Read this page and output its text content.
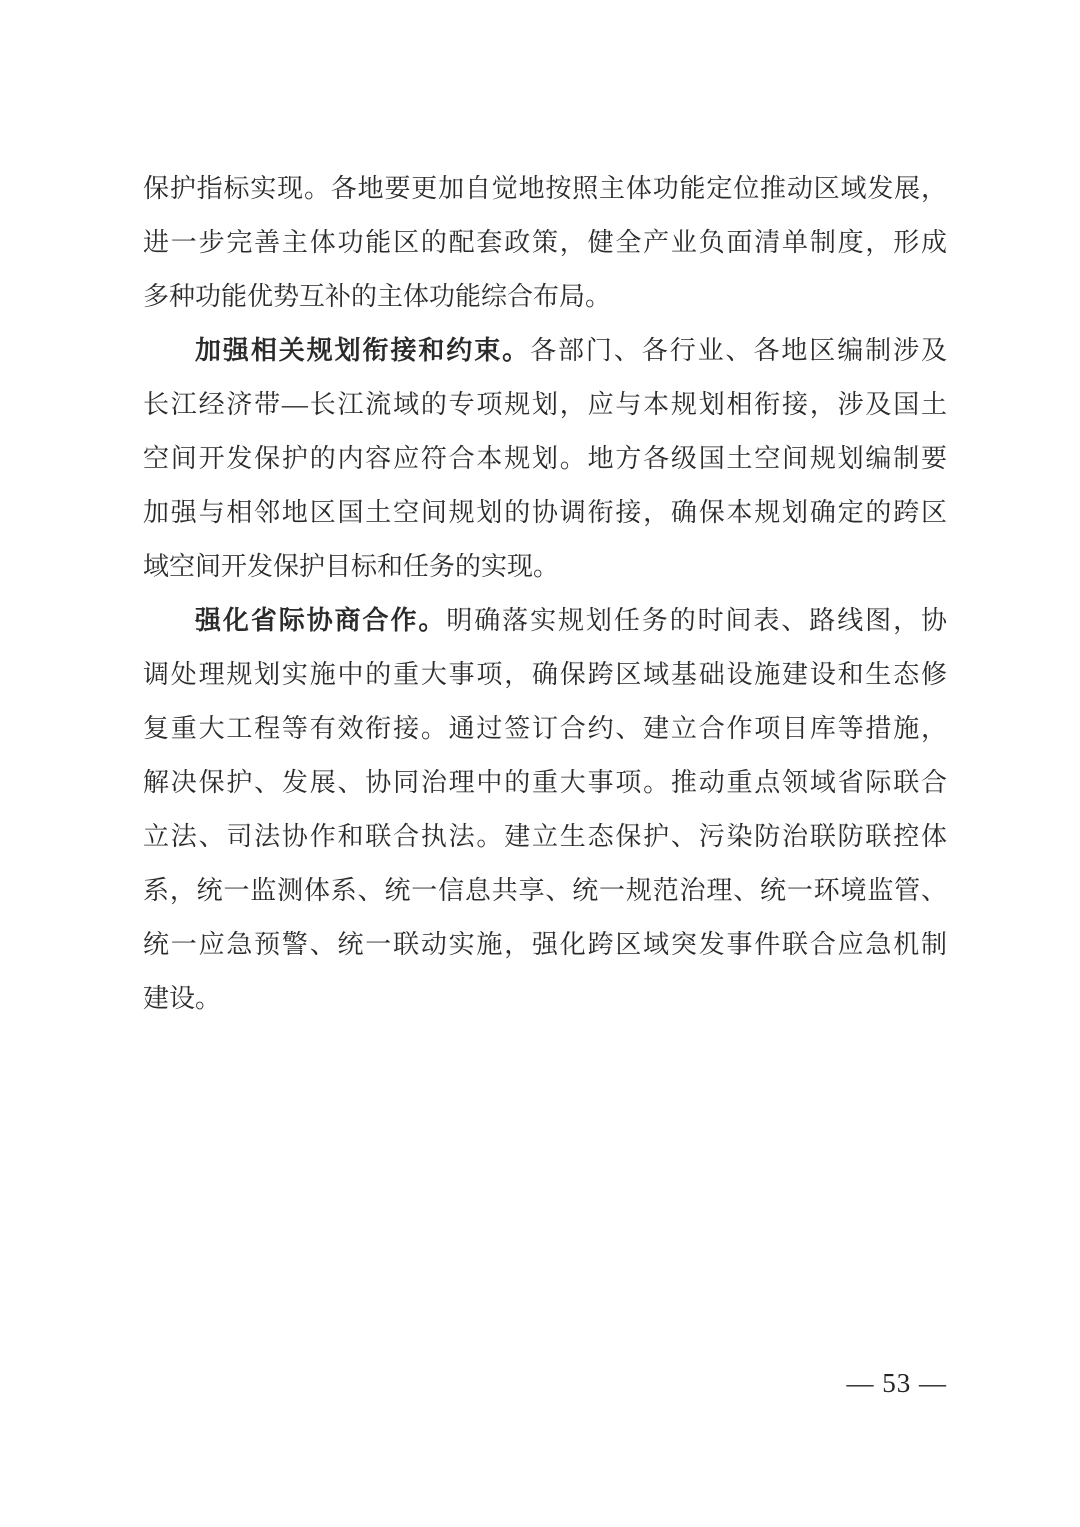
保护指标实现。各地要更加自觉地按照主体功能定位推动区域发展，
进一步完善主体功能区的配套政策，健全产业负面清单制度，形成
多种功能优势互补的主体功能综合布局。
加强相关规划衔接和约束。各部门、各行业、各地区编制涉及
长江经济带—长江流域的专项规划，应与本规划相衔接，涉及国土
空间开发保护的内容应符合本规划。地方各级国土空间规划编制要
加强与相邻地区国土空间规划的协调衔接，确保本规划确定的跨区
域空间开发保护目标和任务的实现。
强化省际协商合作。明确落实规划任务的时间表、路线图，协
调处理规划实施中的重大事项，确保跨区域基础设施建设和生态修
复重大工程等有效衔接。通过签订合约、建立合作项目库等措施，
解决保护、发展、协同治理中的重大事项。推动重点领域省际联合
立法、司法协作和联合执法。建立生态保护、污染防治联防联控体
系，统一监测体系、统一信息共享、统一规范治理、统一环境监管、
统一应急预警、统一联动实施，强化跨区域突发事件联合应急机制
建设。
— 53 —
